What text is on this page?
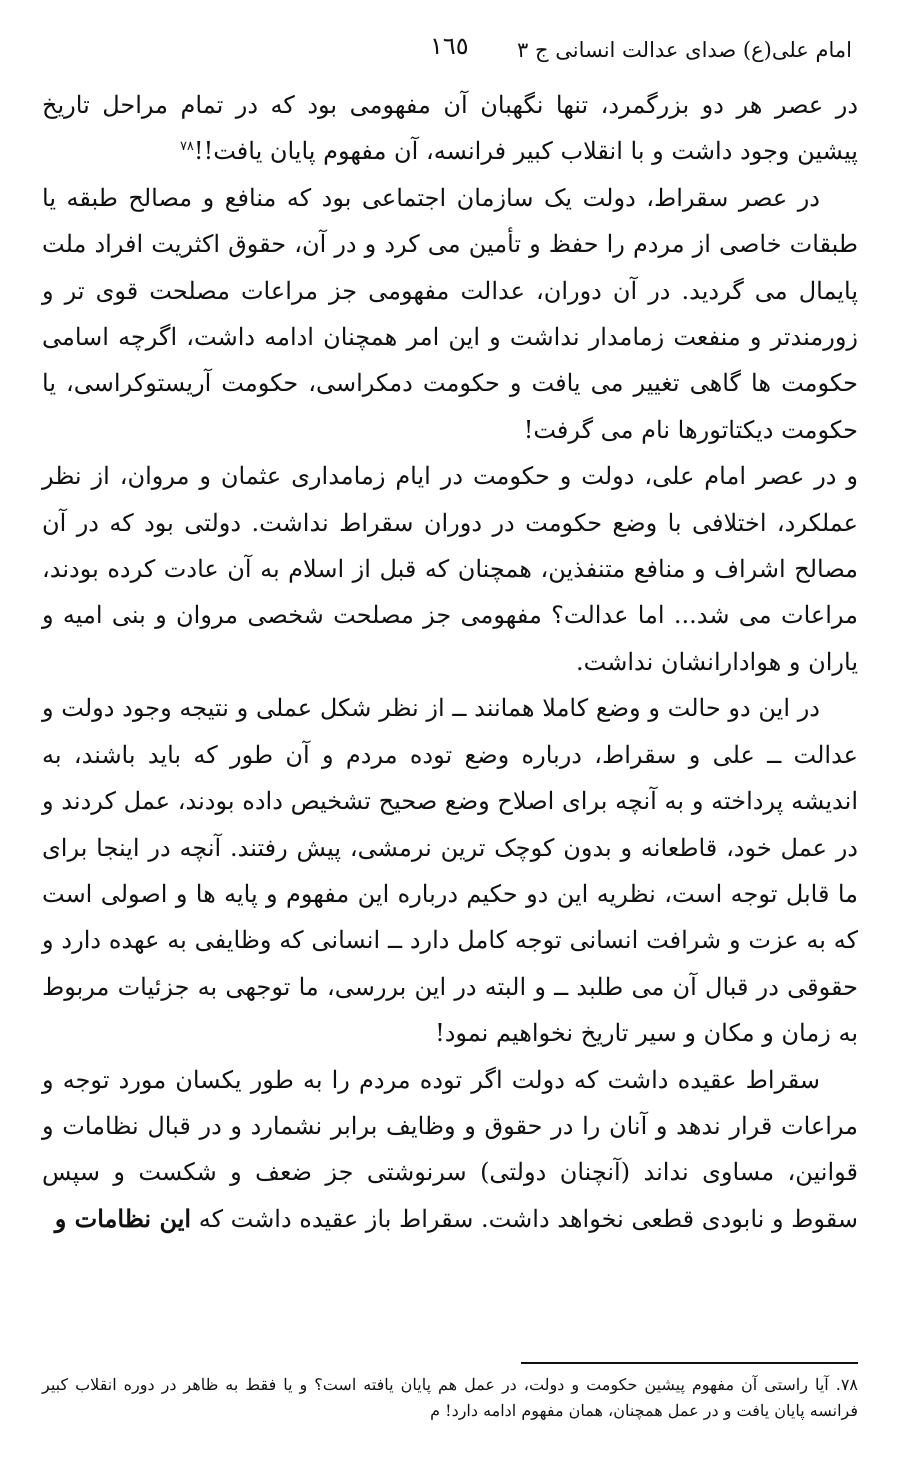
امام علی(ع) صدای عدالت انسانی ج ٣
١٦٥

در عصر هر دو بزرگمرد، تنها نگهبان آن مفهومی بود که در تمام مراحل تاریخ پیشین وجود داشت و با انقلاب کبیر فرانسه، آن مفهوم پایان یافت!!$^{٧٨}$

در عصر سقراط، دولت یک سازمان اجتماعی بود که منافع و مصالح طبقه یا طبقات خاصی از مردم را حفظ و تأمین می کرد و در آن، حقوق اکثریت افراد ملت پایمال می گردید. در آن دوران، عدالت مفهومی جز مراعات مصلحت قوی تر و زورمندتر و منفعت زمامدار نداشت و این امر همچنان ادامه داشت، اگرچه اسامی حکومت ها گاهی تغییر می یافت و حکومت دمکراسی، حکومت آریستوکراسی، یا حکومت دیکتاتورها نام می گرفت!

و در عصر امام علی، دولت و حکومت در ایام زمامداری عثمان و مروان، از نظر عملکرد، اختلافی با وضع حکومت در دوران سقراط نداشت. دولتی بود که در آن مصالح اشراف و منافع متنفذین، همچنان که قبل از اسلام به آن عادت کرده بودند، مراعات می شد... اما عدالت؟ مفهومی جز مصلحت شخصی مروان و بنی امیه و یاران و هوادارانشان نداشت.

در این دو حالت و وضع کاملا همانند ــ از نظر شکل عملی و نتیجه وجود دولت و عدالت ــ علی و سقراط، درباره وضع توده مردم و آن طور که باید باشند، به اندیشه پرداخته و به آنچه برای اصلاح وضع صحیح تشخیص داده بودند، عمل کردند و در عمل خود، قاطعانه و بدون کوچک ترین نرمشی، پیش رفتند. آنچه در اینجا برای ما قابل توجه است، نظریه این دو حکیم درباره این مفهوم و پایه ها و اصولی است که به عزت و شرافت انسانی توجه کامل دارد ــ انسانی که وظایفی به عهده دارد و حقوقی در قبال آن می طلبد ــ و البته در این بررسی، ما توجهی به جزئیات مربوط به زمان و مکان و سیر تاریخ نخواهیم نمود!

سقراط عقیده داشت که دولت اگر توده مردم را به طور یکسان مورد توجه و مراعات قرار ندهد و آنان را در حقوق و وظایف برابر نشمارد و در قبال نظامات و قوانین، مساوی نداند (آنچنان دولتی) سرنوشتی جز ضعف و شکست و سپس سقوط و نابودی قطعی نخواهد داشت. سقراط باز عقیده داشت که این نظامات و

٧٨. آیا راستی آن مفهوم پیشین حکومت و دولت، در عمل هم پایان یافته است؟ و یا فقط به ظاهر در دوره انقلاب کبیر فرانسه پایان یافت و در عمل همچنان، همان مفهوم ادامه دارد! م
